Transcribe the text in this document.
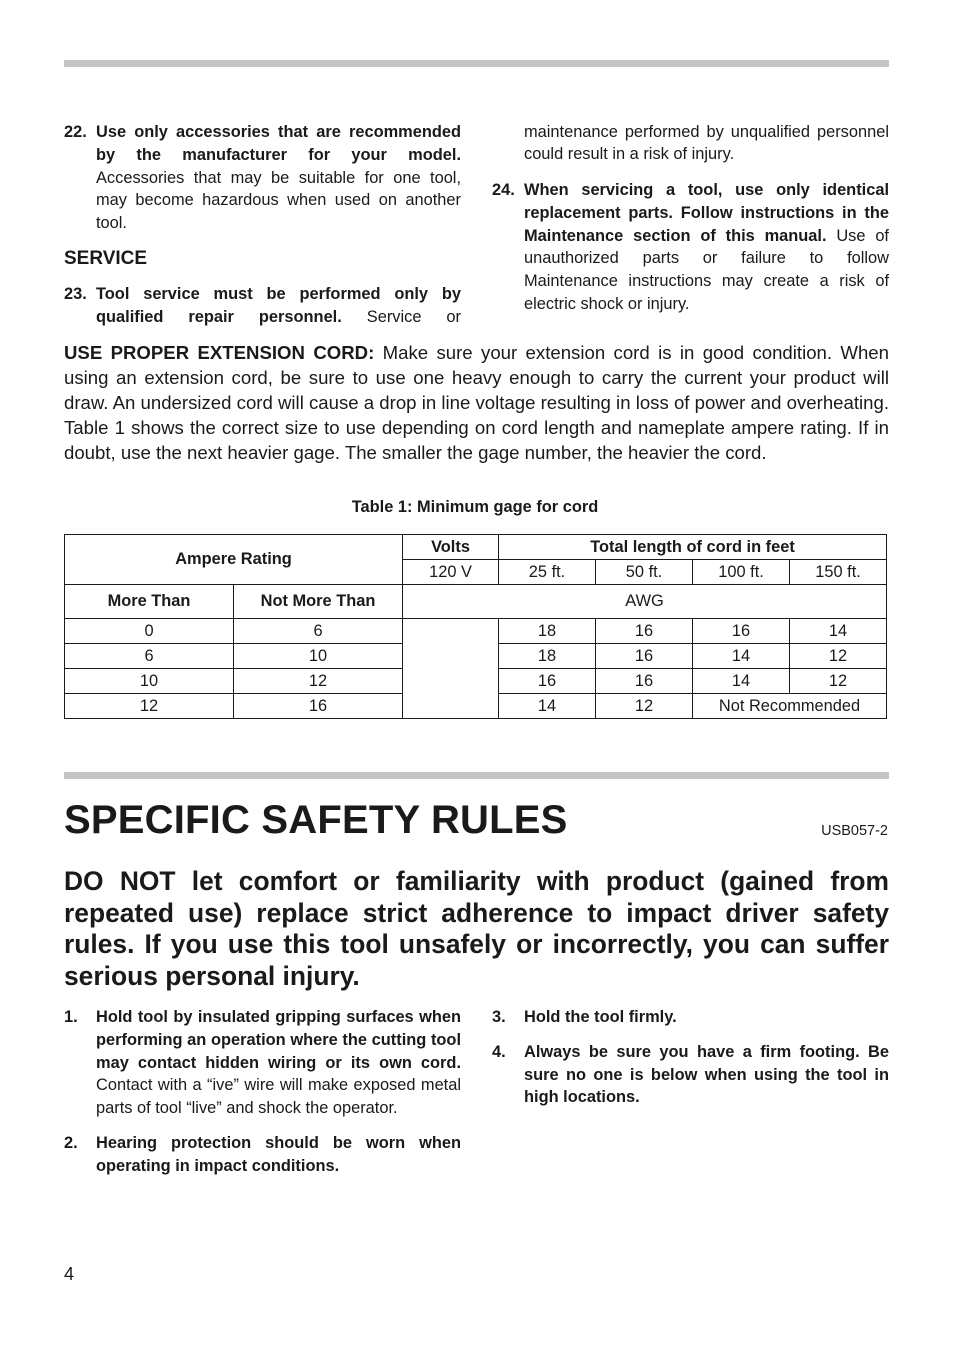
22. Use only accessories that are recommended by the manufacturer for your model. Accessories that may be suitable for one tool, may become hazardous when used on another tool.
SERVICE
23. Tool service must be performed only by qualified repair personnel. Service or
maintenance performed by unqualified personnel could result in a risk of injury.
24. When servicing a tool, use only identical replacement parts. Follow instructions in the Maintenance section of this manual. Use of unauthorized parts or failure to follow Maintenance instructions may create a risk of electric shock or injury.
USE PROPER EXTENSION CORD: Make sure your extension cord is in good condition. When using an extension cord, be sure to use one heavy enough to carry the current your product will draw. An undersized cord will cause a drop in line voltage resulting in loss of power and overheating. Table 1 shows the correct size to use depending on cord length and nameplate ampere rating. If in doubt, use the next heavier gage. The smaller the gage number, the heavier the cord.
Table 1: Minimum gage for cord
Ampere Rating		Volts	Total length of cord in feet			
		120 V	25 ft.	50 ft.	100 ft.	150 ft.
More Than	Not More Than	AWG				
0	6		18	16	16	14
6	10		18	16	14	12
10	12		16	16	14	12
12	16		14	12	Not Recommended	
SPECIFIC SAFETY RULES	USB057-2
DO NOT let comfort or familiarity with product (gained from repeated use) replace strict adherence to impact driver safety rules. If you use this tool unsafely or incorrectly, you can suffer serious personal injury.
1. Hold tool by insulated gripping surfaces when performing an operation where the cutting tool may contact hidden wiring or its own cord. Contact with a “ive” wire will make exposed metal parts of tool “live” and shock the operator.
2. Hearing protection should be worn when operating in impact conditions.
3. Hold the tool firmly.
4. Always be sure you have a firm footing. Be sure no one is below when using the tool in high locations.
4
